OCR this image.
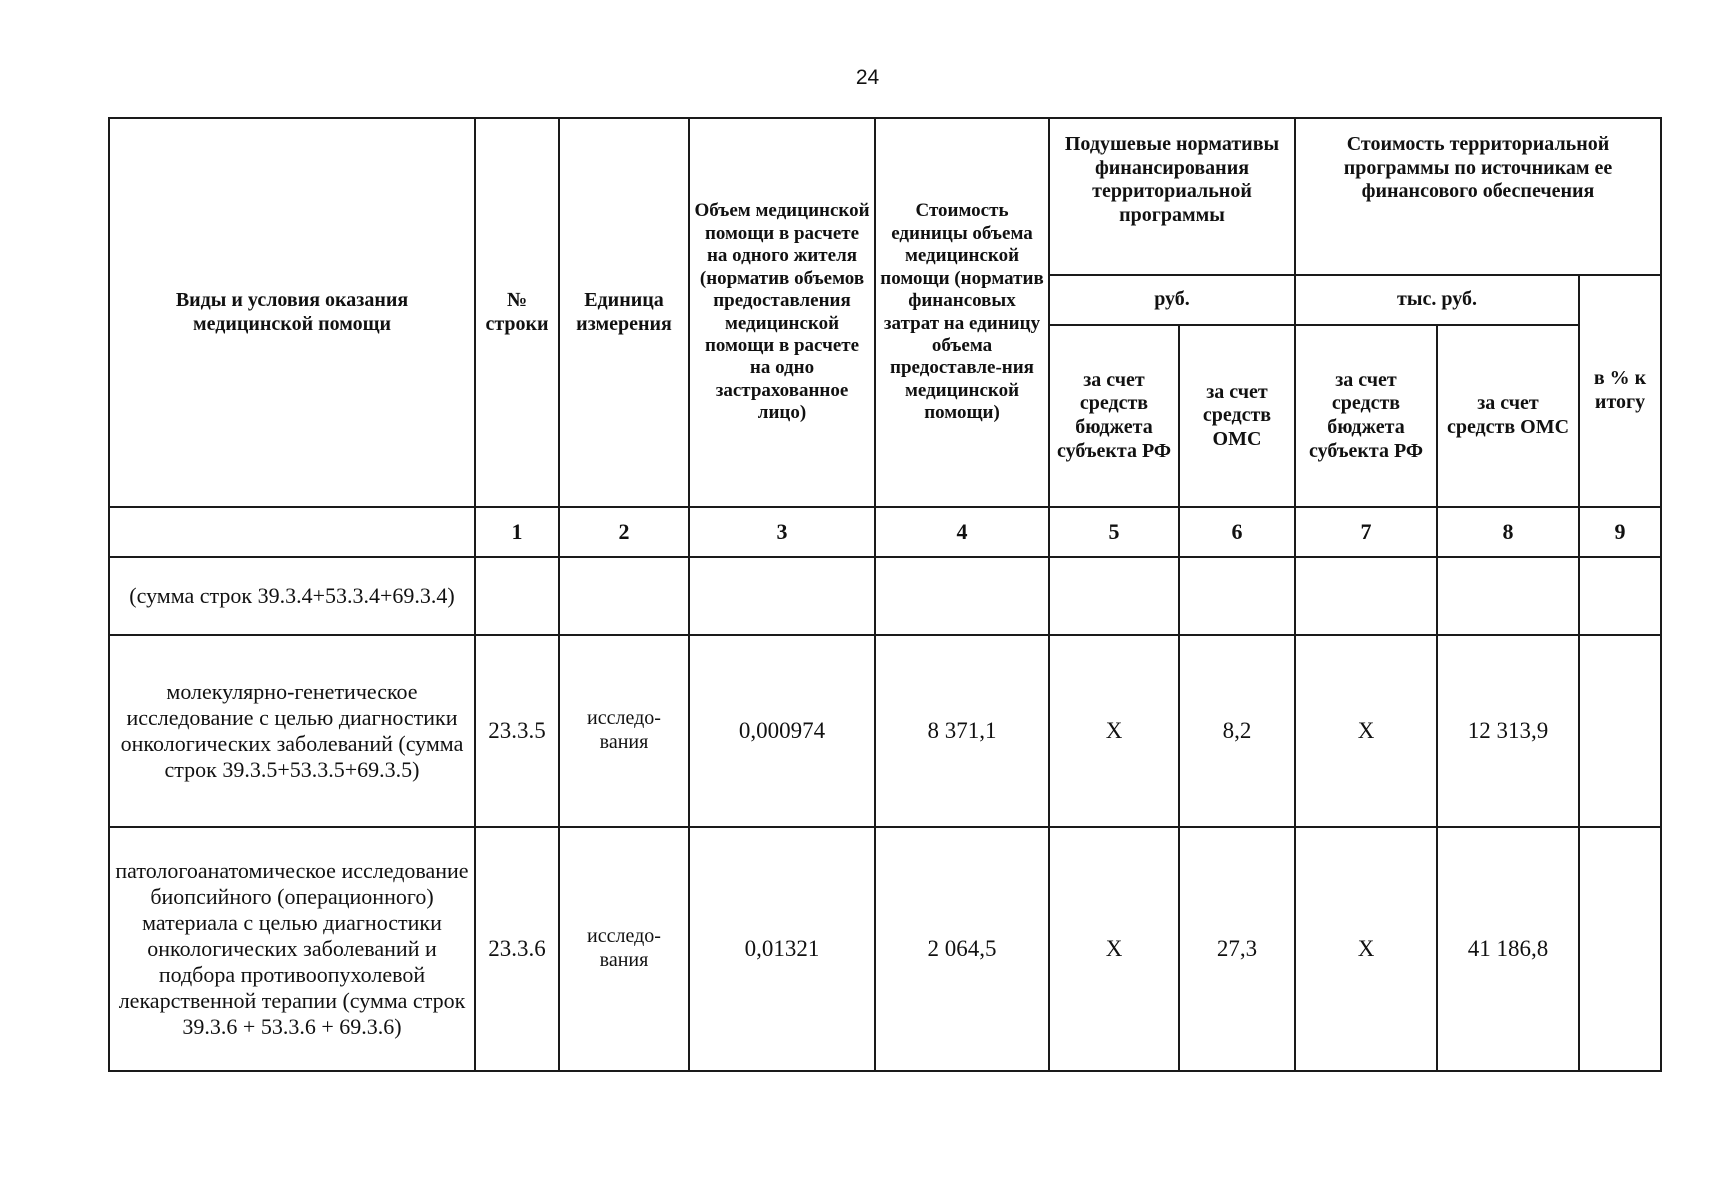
24
Виды и условия оказания медицинской помощи	№ строки	Единица измерения	Объем медицинской помощи в расчете на одного жителя (норматив объемов предоставления медицинской помощи в расчете на одно застрахованное лицо)	Стоимость единицы объема медицинской помощи (норматив финансовых затрат на единицу объема предоставле-ния медицинской помощи)	Подушевые нормативы финансирования территориальной программы		Стоимость территориальной программы по источникам ее финансового обеспечения		
					руб.		тыс. руб.		в % к итогу
					за счет средств бюджета субъекта РФ	за счет средств ОМС	за счет средств бюджета субъекта РФ	за счет средств ОМС	
	1	2	3	4	5	6	7	8	9
(сумма строк 39.3.4+53.3.4+69.3.4)									
молекулярно-генетическое исследование с целью диагностики онкологических заболеваний (сумма строк 39.3.5+53.3.5+69.3.5)	23.3.5	исследо-вания	0,000974	8 371,1	Х	8,2	Х	12 313,9	
патологоанатомическое исследование биопсийного (операционного) материала с целью диагностики онкологических заболеваний и подбора противоопухолевой лекарственной терапии (сумма строк 39.3.6 + 53.3.6 + 69.3.6)	23.3.6	исследо-вания	0,01321	2 064,5	Х	27,3	Х	41 186,8	
